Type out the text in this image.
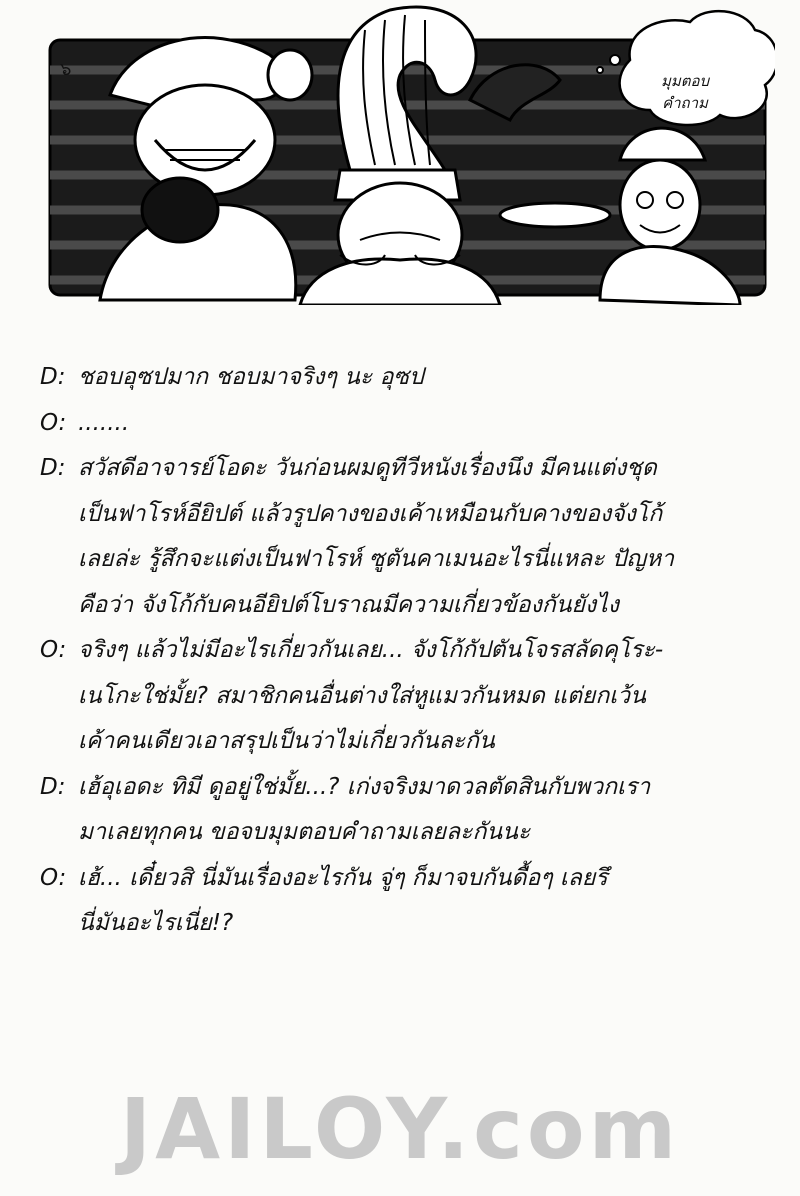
๖
มุมตอบ
คำถาม
D: ชอบอุซปมาก ชอบมาจริงๆ นะ อุซป
O: .......
D: สวัสดีอาจารย์โอดะ วันก่อนผมดูทีวีหนังเรื่องนึง มีคนแต่งชุด
เป็นฟาโรห์อียิปต์ แล้วรูปคางของเค้าเหมือนกับคางของจังโก้
เลยล่ะ รู้สึกจะแต่งเป็นฟาโรห์ ซูตันคาเมนอะไรนี่แหละ ปัญหา
คือว่า จังโก้กับคนอียิปต์โบราณมีความเกี่ยวข้องกันยังไง
O: จริงๆ แล้วไม่มีอะไรเกี่ยวกันเลย... จังโก้กัปตันโจรสลัดคุโระ-
เนโกะใช่มั้ย? สมาชิกคนอื่นต่างใส่หูแมวกันหมด แต่ยกเว้น
เค้าคนเดียวเอาสรุปเป็นว่าไม่เกี่ยวกันละกัน
D: เฮ้อุเอดะ ทิมี ดูอยู่ใช่มั้ย...? เก่งจริงมาดวลตัดสินกับพวกเรา
มาเลยทุกคน ขอจบมุมตอบคำถามเลยละกันนะ
O: เฮ้... เดี๋ยวสิ นี่มันเรื่องอะไรกัน จู่ๆ ก็มาจบกันดื้อๆ เลยรึ
นี่มันอะไรเนี่ย!?
JAILOY.com
